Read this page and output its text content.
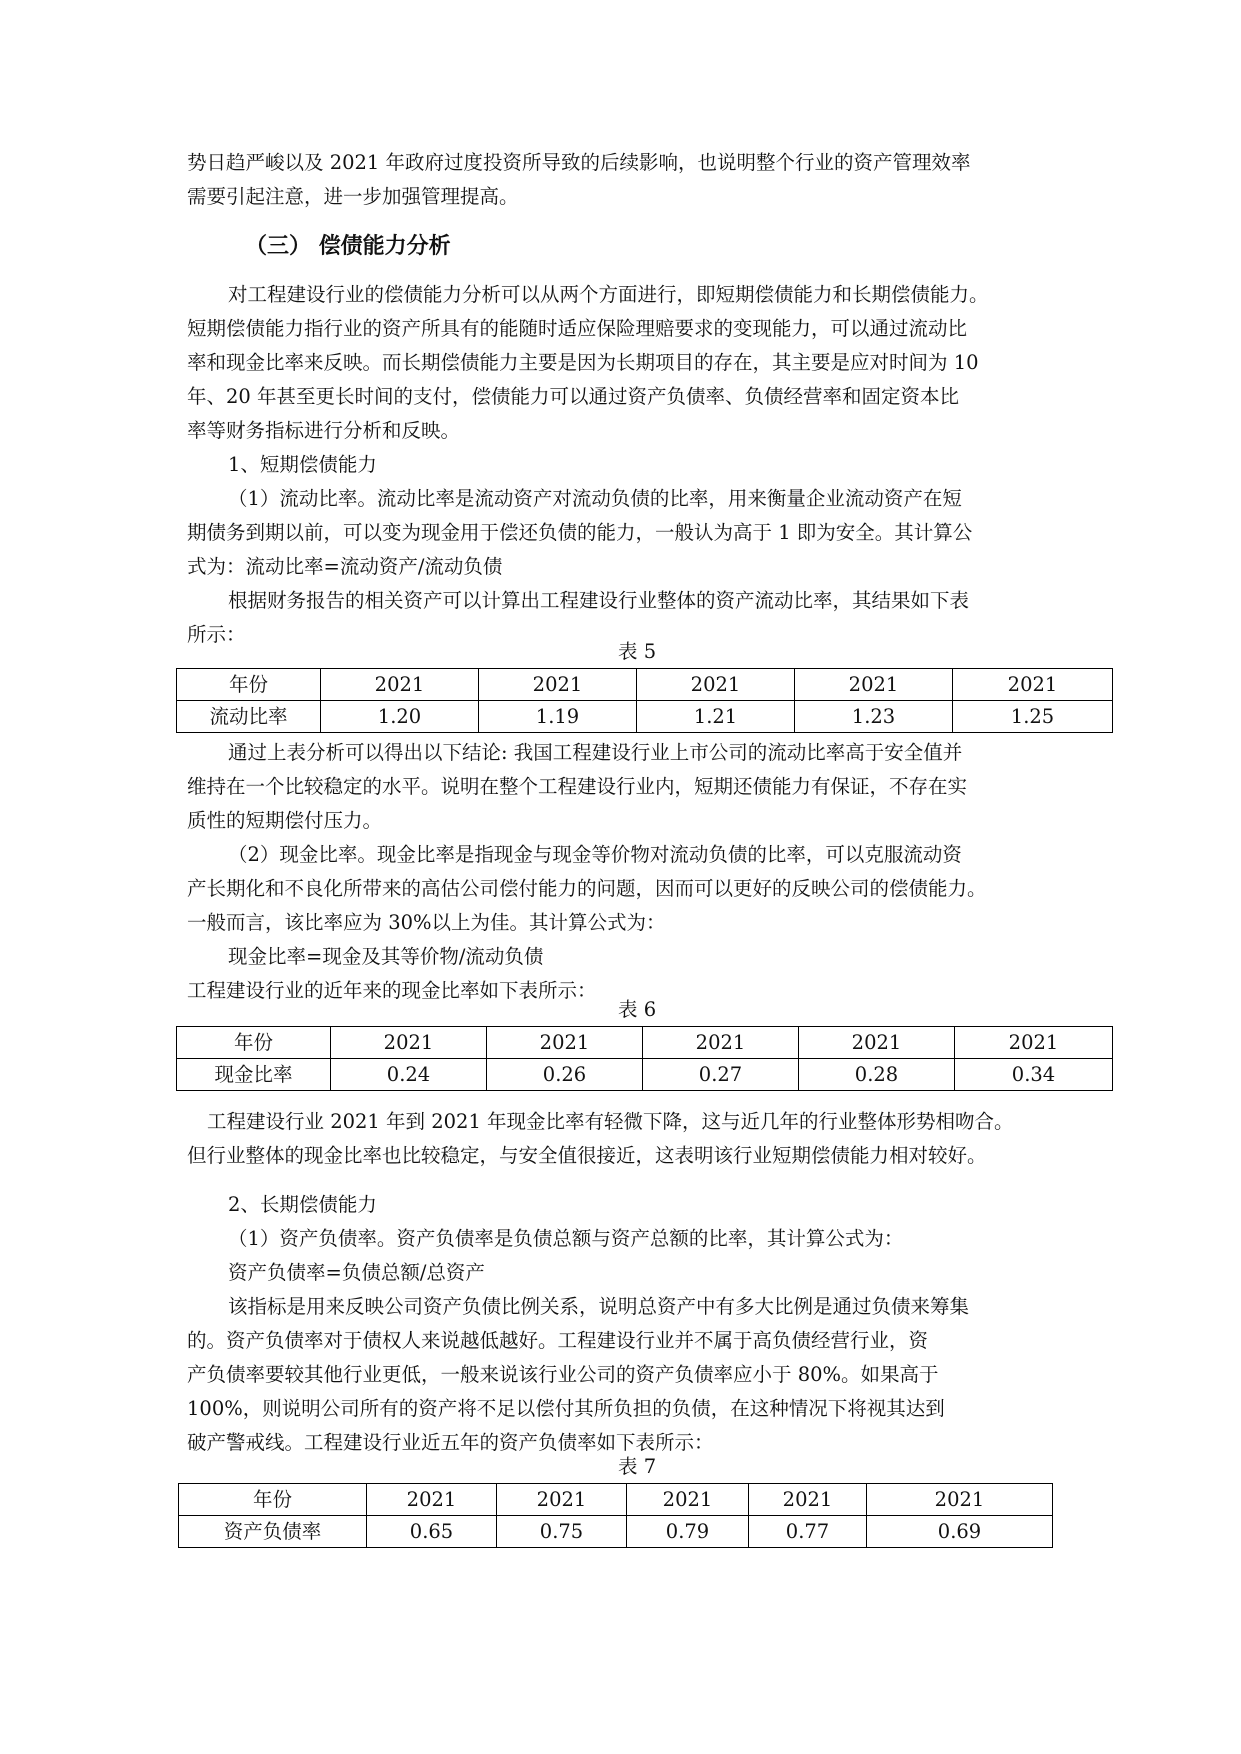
势日趋严峻以及 2021 年政府过度投资所导致的后续影响，也说明整个行业的资产管理效率
需要引起注意，进一步加强管理提高。
（三） 偿债能力分析
对工程建设行业的偿债能力分析可以从两个方面进行，即短期偿债能力和长期偿债能力。
短期偿债能力指行业的资产所具有的能随时适应保险理赔要求的变现能力，可以通过流动比
率和现金比率来反映。而长期偿债能力主要是因为长期项目的存在，其主要是应对时间为 10
年、20 年甚至更长时间的支付，偿债能力可以通过资产负债率、负债经营率和固定资本比
率等财务指标进行分析和反映。
1、短期偿债能力
（1）流动比率。流动比率是流动资产对流动负债的比率，用来衡量企业流动资产在短
期债务到期以前，可以变为现金用于偿还负债的能力，一般认为高于 1 即为安全。其计算公
式为：流动比率=流动资产/流动负债
根据财务报告的相关资产可以计算出工程建设行业整体的资产流动比率，其结果如下表
所示：
表 5
年份	2021	2021	2021	2021	2021
流动比率	1.20	1.19	1.21	1.23	1.25
通过上表分析可以得出以下结论: 我国工程建设行业上市公司的流动比率高于安全值并
维持在一个比较稳定的水平。说明在整个工程建设行业内，短期还债能力有保证，不存在实
质性的短期偿付压力。
（2）现金比率。现金比率是指现金与现金等价物对流动负债的比率，可以克服流动资
产长期化和不良化所带来的高估公司偿付能力的问题，因而可以更好的反映公司的偿债能力。
一般而言，该比率应为 30%以上为佳。其计算公式为：
现金比率=现金及其等价物/流动负债
工程建设行业的近年来的现金比率如下表所示：
表 6
年份	2021	2021	2021	2021	2021
现金比率	0.24	0.26	0.27	0.28	0.34
工程建设行业 2021 年到 2021 年现金比率有轻微下降，这与近几年的行业整体形势相吻合。
但行业整体的现金比率也比较稳定，与安全值很接近，这表明该行业短期偿债能力相对较好。
2、长期偿债能力
（1）资产负债率。资产负债率是负债总额与资产总额的比率，其计算公式为：
资产负债率=负债总额/总资产
该指标是用来反映公司资产负债比例关系，说明总资产中有多大比例是通过负债来筹集
的。资产负债率对于债权人来说越低越好。工程建设行业并不属于高负债经营行业，资
产负债率要较其他行业更低，一般来说该行业公司的资产负债率应小于 80%。如果高于
100%，则说明公司所有的资产将不足以偿付其所负担的负债，在这种情况下将视其达到
破产警戒线。工程建设行业近五年的资产负债率如下表所示：
表 7
年份	2021	2021	2021	2021	2021
资产负债率	0.65	0.75	0.79	0.77	0.69
